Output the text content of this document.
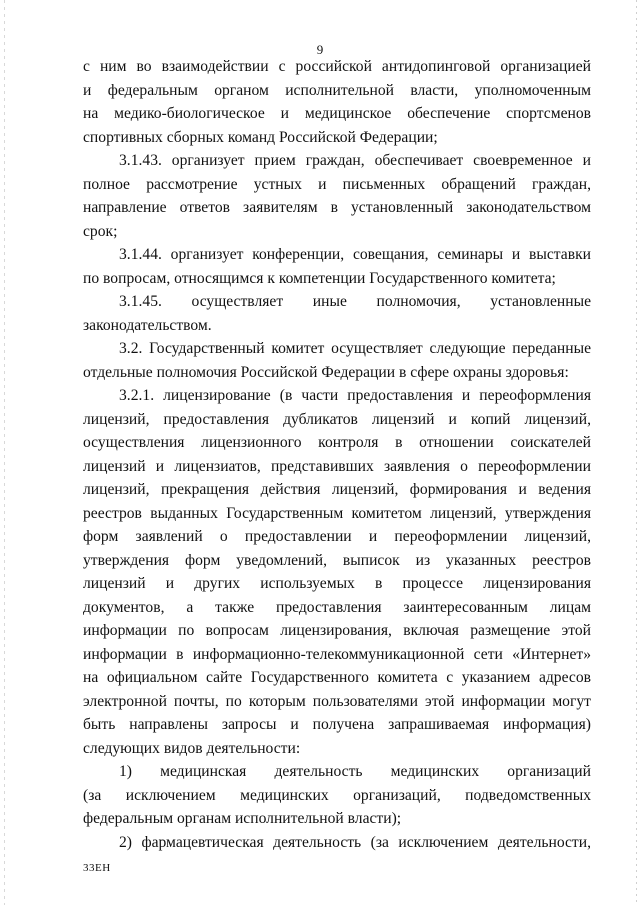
9
с ним во взаимодействии с российской антидопинговой организацией
и федеральным органом исполнительной власти, уполномоченным
на медико-биологическое и медицинское обеспечение спортсменов
спортивных сборных команд Российской Федерации;
3.1.43. организует прием граждан, обеспечивает своевременное и
полное рассмотрение устных и письменных обращений граждан,
направление ответов заявителям в установленный законодательством
срок;
3.1.44. организует конференции, совещания, семинары и выставки
по вопросам, относящимся к компетенции Государственного комитета;
3.1.45. осуществляет иные полномочия, установленные
законодательством.
3.2. Государственный комитет осуществляет следующие переданные
отдельные полномочия Российской Федерации в сфере охраны здоровья:
3.2.1. лицензирование (в части предоставления и переоформления
лицензий, предоставления дубликатов лицензий и копий лицензий,
осуществления лицензионного контроля в отношении соискателей
лицензий и лицензиатов, представивших заявления о переоформлении
лицензий, прекращения действия лицензий, формирования и ведения
реестров выданных Государственным комитетом лицензий, утверждения
форм заявлений о предоставлении и переоформлении лицензий,
утверждения форм уведомлений, выписок из указанных реестров
лицензий и других используемых в процессе лицензирования
документов, а также предоставления заинтересованным лицам
информации по вопросам лицензирования, включая размещение этой
информации в информационно-телекоммуникационной сети «Интернет»
на официальном сайте Государственного комитета с указанием адресов
электронной почты, по которым пользователями этой информации могут
быть направлены запросы и получена запрашиваемая информация)
следующих видов деятельности:
1) медицинская деятельность медицинских организаций
(за исключением медицинских организаций, подведомственных
федеральным органам исполнительной власти);
2) фармацевтическая деятельность (за исключением деятельности,
33ЕН
